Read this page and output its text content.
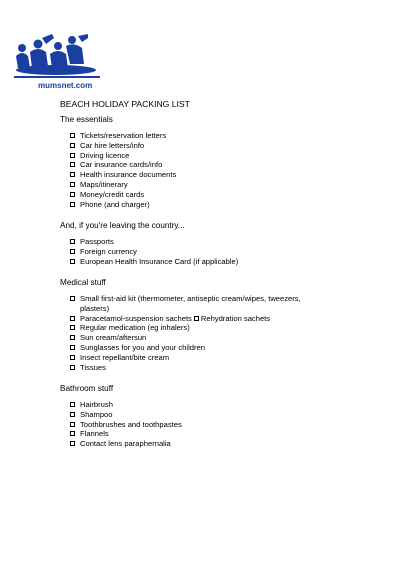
mumsnet.com
BEACH HOLIDAY PACKING LIST
The essentials
Tickets/reservation letters
Car hire letters/info
Driving licence
Car insurance cards/info
Health insurance documents
Maps/itinerary
Money/credit cards
Phone (and charger)
And, if you're leaving the country...
Passports
Foreign currency
European Health Insurance Card (if applicable)
Medical stuff
Small first-aid kit (thermometer, antiseptic cream/wipes, tweezers, plasters)
Paracetamol-suspension sachets Rehydration sachets
Regular medication (eg inhalers)
Sun cream/aftersun
Sunglasses for you and your children
Insect repellant/bite cream
Tissues
Bathroom stuff
Hairbrush
Shampoo
Toothbrushes and toothpastes
Flannels
Contact lens paraphernalia
